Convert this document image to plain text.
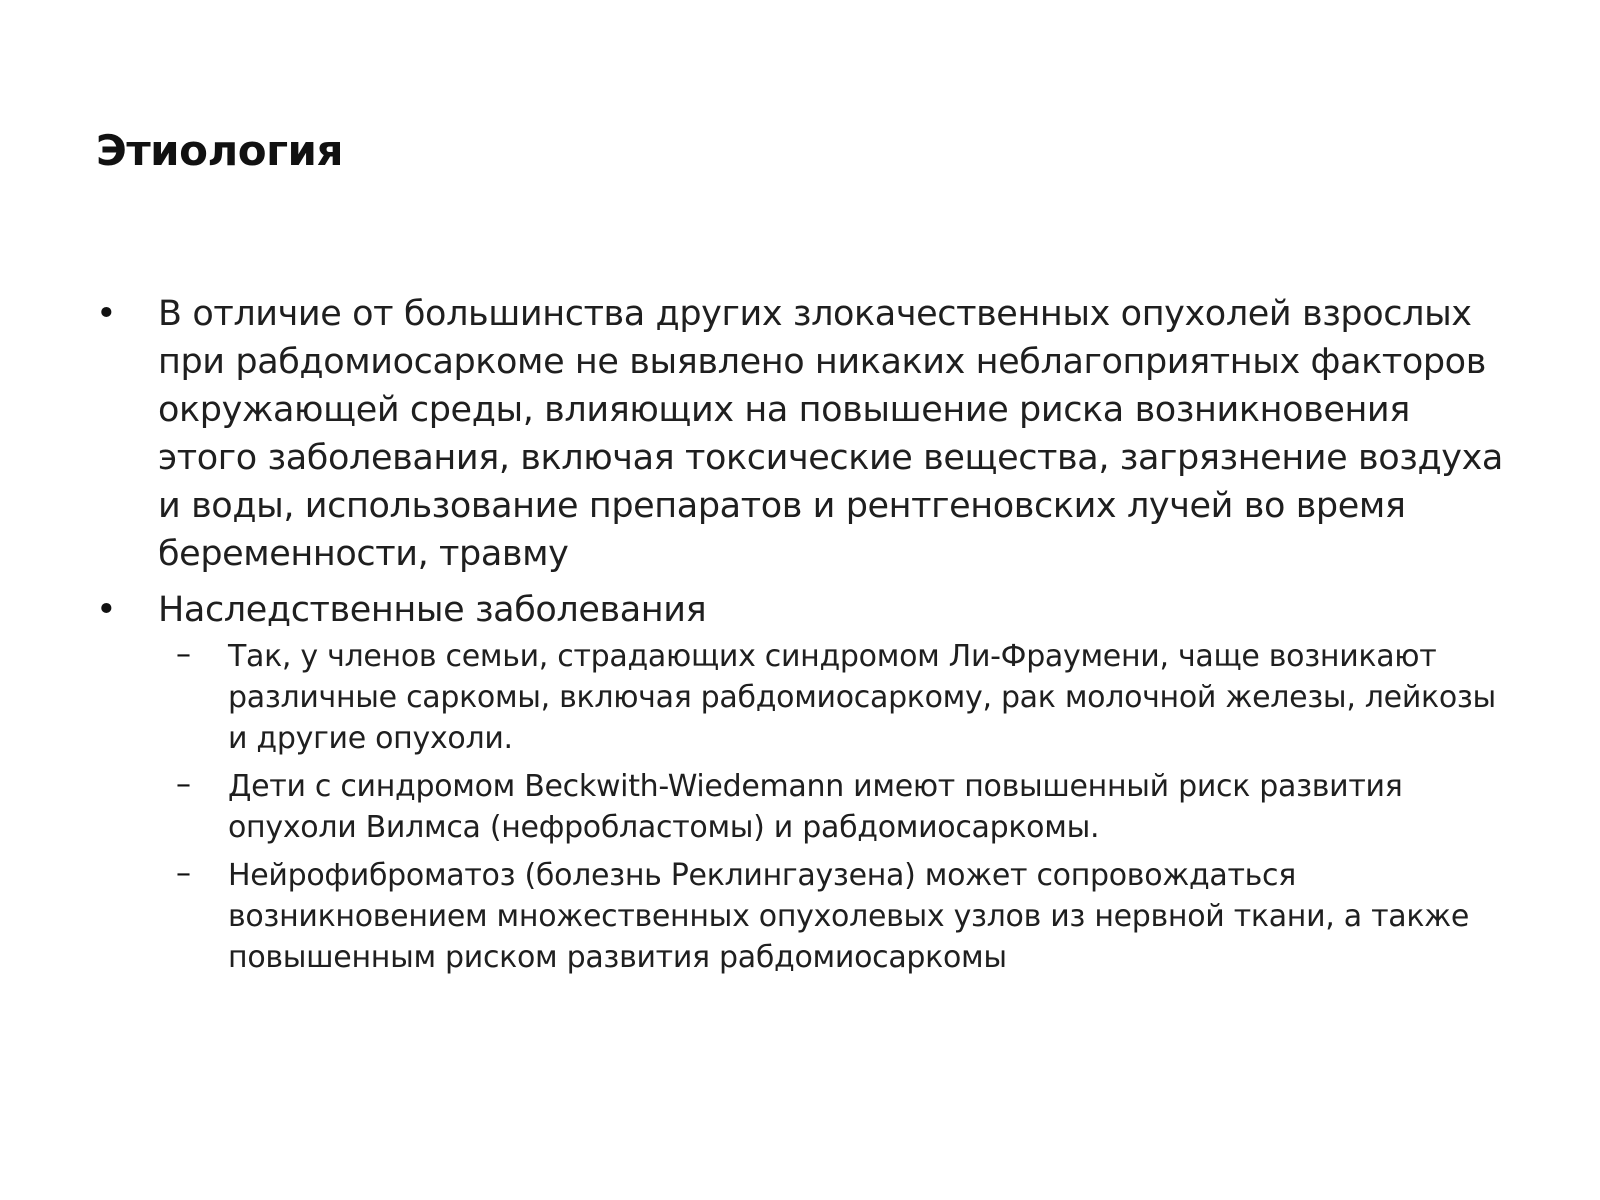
Этиология
• В отличие от большинства других злокачественных опухолей взрослых при рабдомиосаркоме не выявлено никаких неблагоприятных факторов окружающей среды, влияющих на повышение риска возникновения этого заболевания, включая токсические вещества, загрязнение воздуха и воды, использование препаратов и рентгеновских лучей во время беременности, травму
• Наследственные заболевания
– Так, у членов семьи, страдающих синдромом Ли-Фраумени, чаще возникают различные саркомы, включая рабдомиосаркому, рак молочной железы, лейкозы и другие опухоли.
– Дети с синдромом Beckwith-Wiedemann имеют повышенный риск развития опухоли Вилмса (нефробластомы) и рабдомиосаркомы.
– Нейрофиброматоз (болезнь Реклингаузена) может сопровождаться возникновением множественных опухолевых узлов из нервной ткани, а также повышенным риском развития рабдомиосаркомы
